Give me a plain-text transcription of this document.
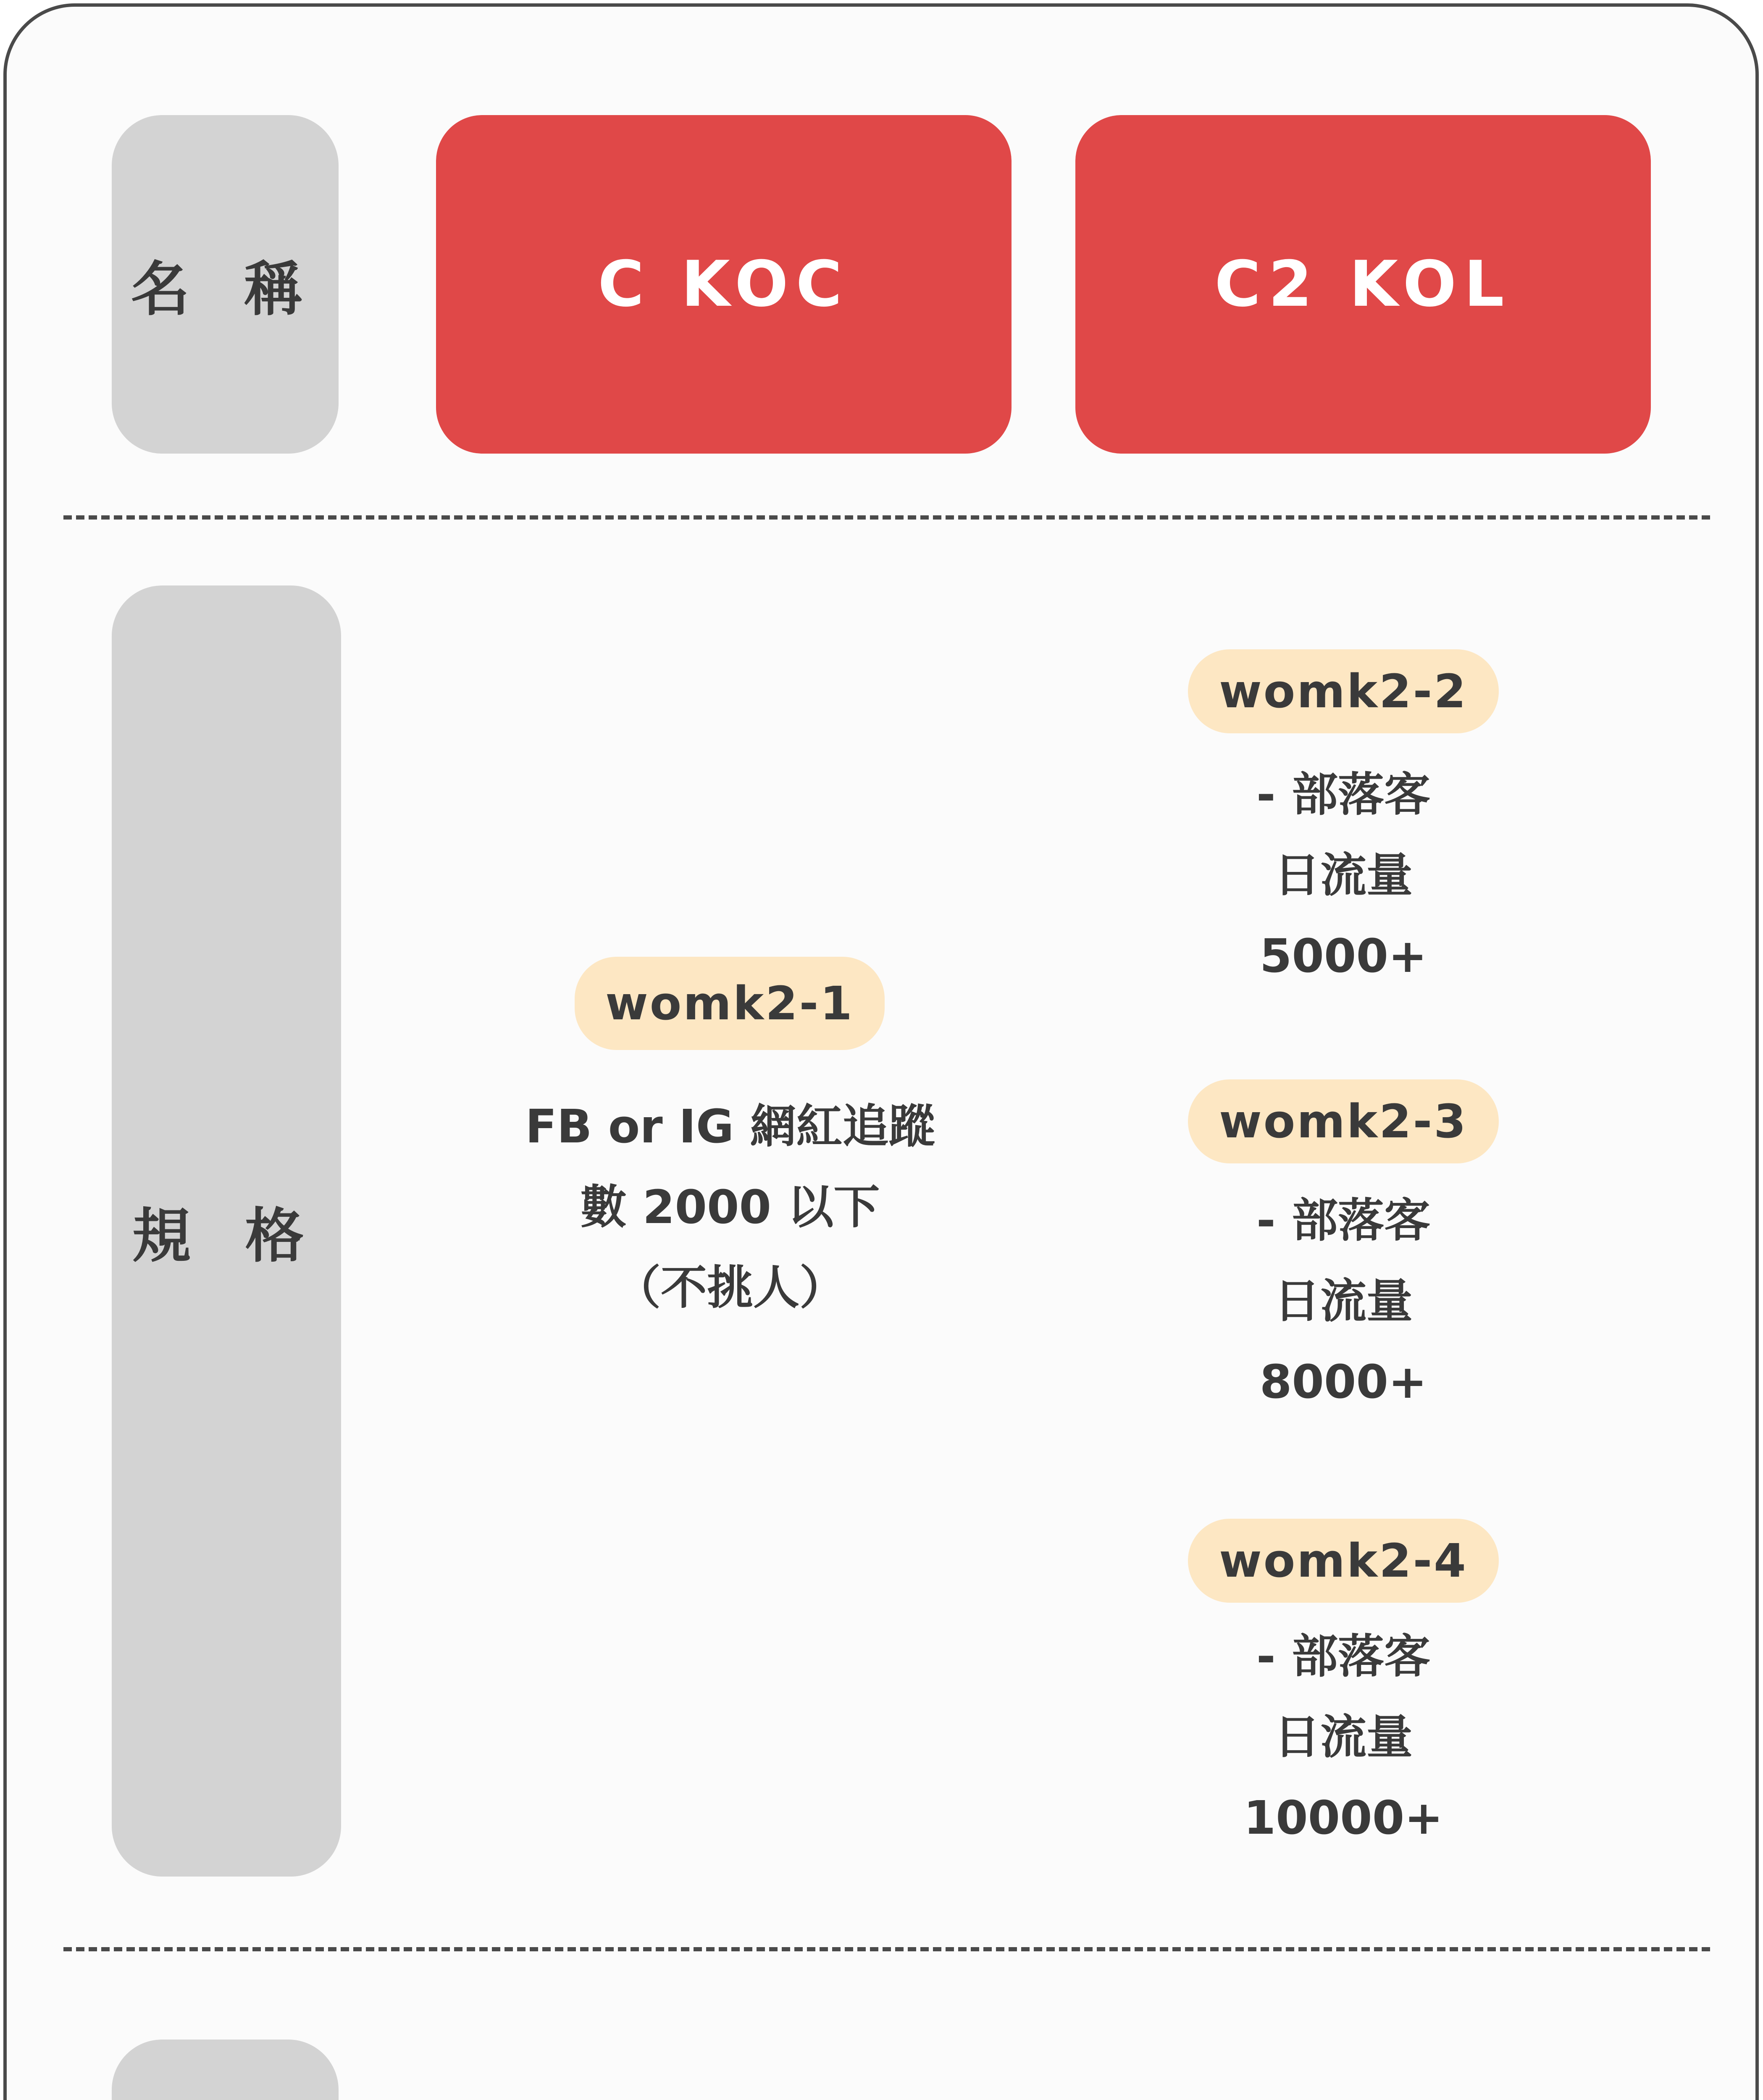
名 稱	C KOC	C2 KOL
規 格
womk2-1
FB or IG 網紅追蹤
數 2000 以下
（不挑人）
womk2-2
- 部落客
日流量
5000+
womk2-3
- 部落客
日流量
8000+
womk2-4
- 部落客
日流量
10000+
